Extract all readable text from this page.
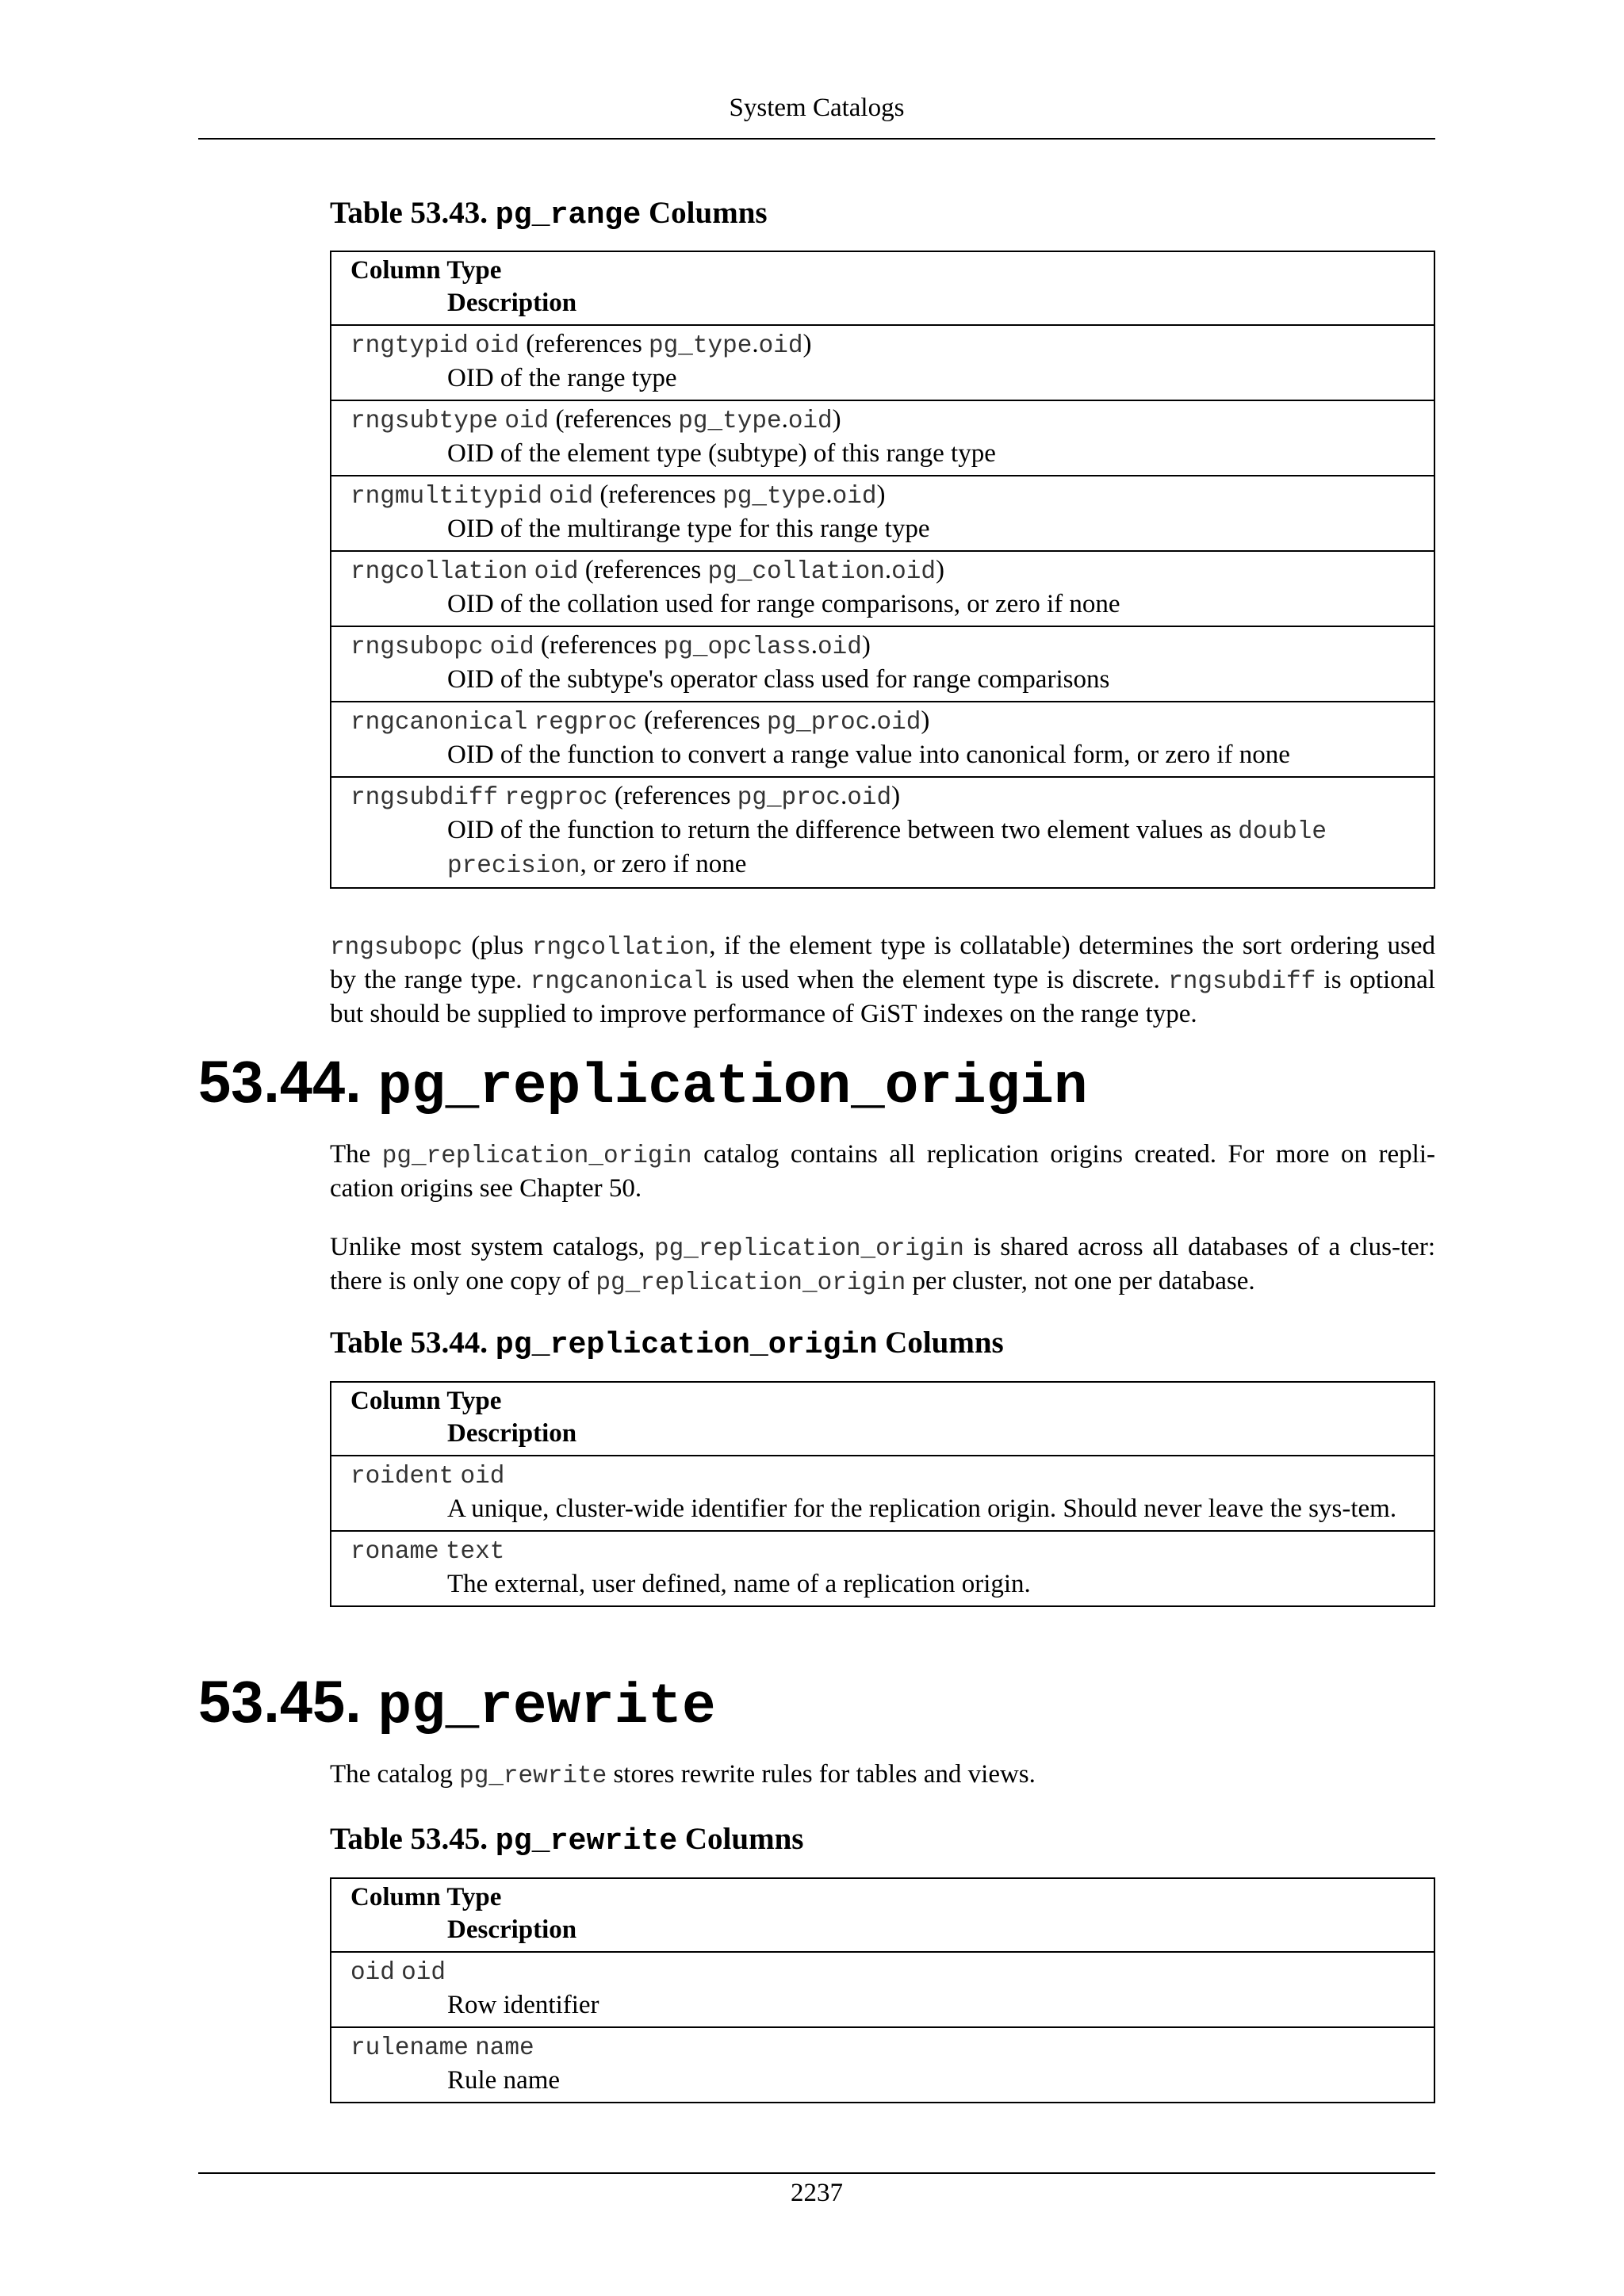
System Catalogs
Table 53.43. pg_range Columns
Column Type
Description
rngtypid oid (references pg_type.oid)
OID of the range type
rngsubtype oid (references pg_type.oid)
OID of the element type (subtype) of this range type
rngmultitypid oid (references pg_type.oid)
OID of the multirange type for this range type
rngcollation oid (references pg_collation.oid)
OID of the collation used for range comparisons, or zero if none
rngsubopc oid (references pg_opclass.oid)
OID of the subtype's operator class used for range comparisons
rngcanonical regproc (references pg_proc.oid)
OID of the function to convert a range value into canonical form, or zero if none
rngsubdiff regproc (references pg_proc.oid)
OID of the function to return the difference between two element values as double precision, or zero if none
rngsubopc (plus rngcollation, if the element type is collatable) determines the sort ordering used by the range type. rngcanonical is used when the element type is discrete. rngsubdiff is optional but should be supplied to improve performance of GiST indexes on the range type.
53.44. pg_replication_origin
The pg_replication_origin catalog contains all replication origins created. For more on repli-cation origins see Chapter 50.
Unlike most system catalogs, pg_replication_origin is shared across all databases of a clus-ter: there is only one copy of pg_replication_origin per cluster, not one per database.
Table 53.44. pg_replication_origin Columns
Column Type
Description
roident oid
A unique, cluster-wide identifier for the replication origin. Should never leave the sys-tem.
roname text
The external, user defined, name of a replication origin.
53.45. pg_rewrite
The catalog pg_rewrite stores rewrite rules for tables and views.
Table 53.45. pg_rewrite Columns
Column Type
Description
oid oid
Row identifier
rulename name
Rule name
2237
